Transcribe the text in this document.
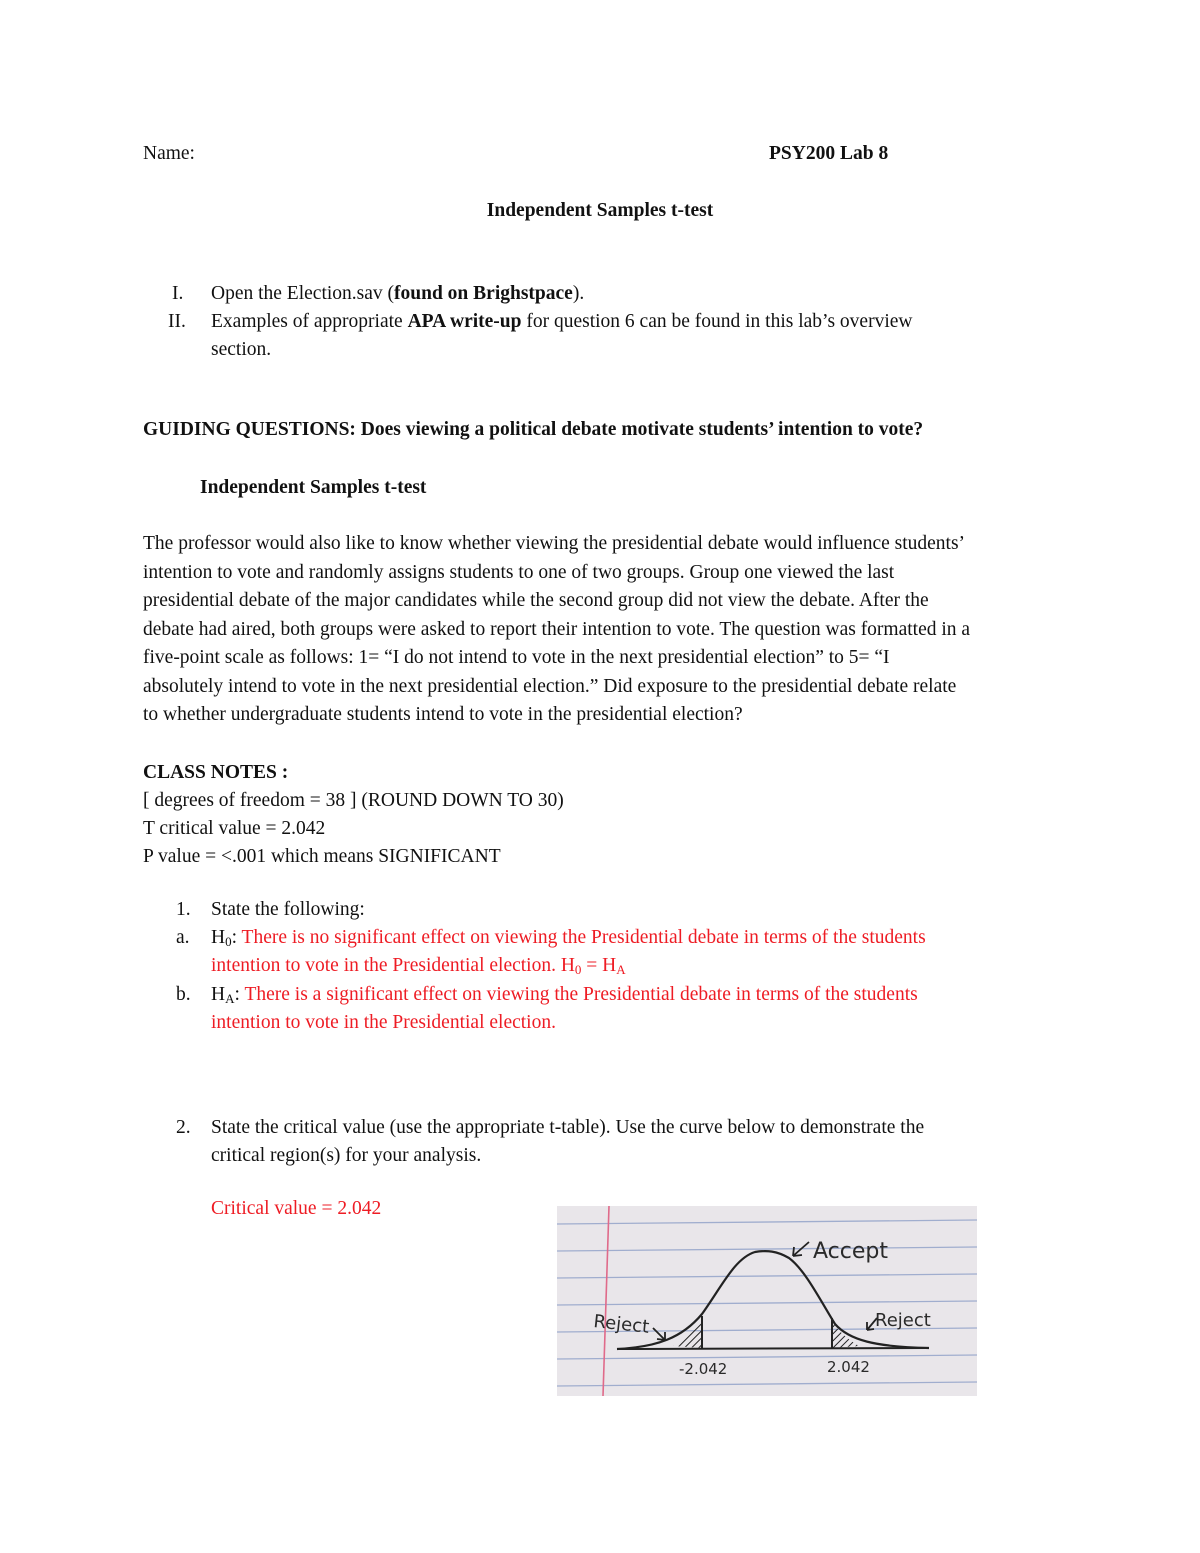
Name:	PSY200 Lab 8
Independent Samples t-test
I. Open the Election.sav (found on Brighstpace).
II. Examples of appropriate APA write-up for question 6 can be found in this lab’s overview
section.
GUIDING QUESTIONS: Does viewing a political debate motivate students’ intention to vote?
Independent Samples t-test
The professor would also like to know whether viewing the presidential debate would influence students’
intention to vote and randomly assigns students to one of two groups. Group one viewed the last
presidential debate of the major candidates while the second group did not view the debate. After the
debate had aired, both groups were asked to report their intention to vote. The question was formatted in a
five-point scale as follows: 1= “I do not intend to vote in the next presidential election” to 5= “I
absolutely intend to vote in the next presidential election.” Did exposure to the presidential debate relate
to whether undergraduate students intend to vote in the presidential election?
CLASS NOTES :
[ degrees of freedom = 38 ] (ROUND DOWN TO 30)
T critical value = 2.042
P value = <.001 which means SIGNIFICANT
1. State the following:
a. $H_0$: There is no significant effect on viewing the Presidential debate in terms of the students
intention to vote in the Presidential election. $H_0 = H_A$
b. $H_A$: There is a significant effect on viewing the Presidential debate in terms of the students
intention to vote in the Presidential election.
2. State the critical value (use the appropriate t-table). Use the curve below to demonstrate the
critical region(s) for your analysis.
Critical value = 2.042
Accept
Reject	Reject
-2.042	2.042
